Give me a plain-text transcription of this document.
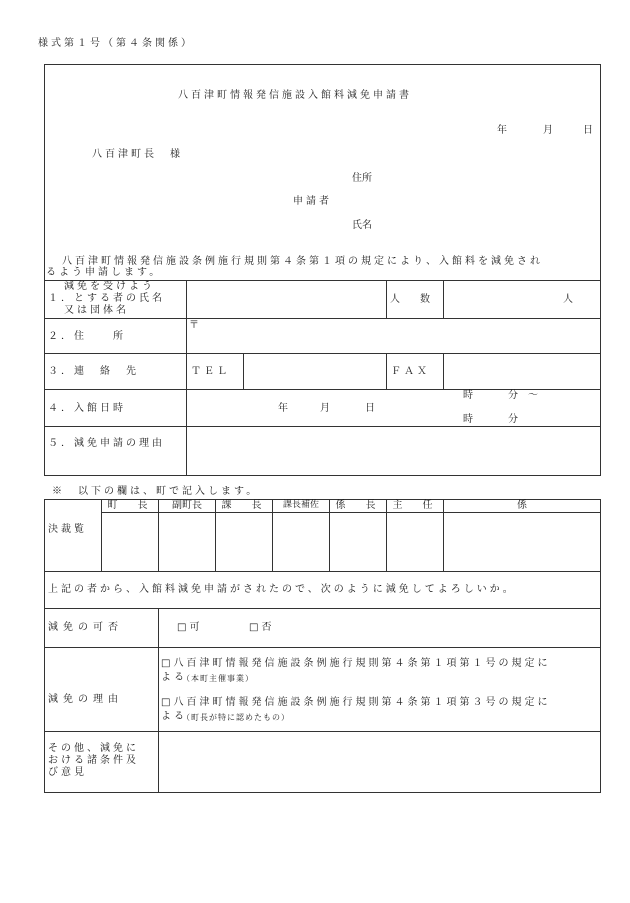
様式第１号（第４条関係）
八百津町情報発信施設入館料減免申請書
年	月	日
八百津町長　様
住所
申請者
氏名
八百津町情報発信施設条例施行規則第４条第１項の規定により、入館料を減免され
るよう申請します。
減免を受けよう
１．とする者の氏名
又は団体名
人　数	人
２．住　　所
〒
３．連　絡　先	ＴＥＬ	ＦＡＸ
４．入館日時	年	月	日
時	分　～
時	分
５．減免申請の理由
※　以下の欄は、町で記入します。
決裁覧
町　長	副町長	課　長	課長補佐	係　長	主　任	係
上記の者から、入館料減免申請がされたので、次のように減免してよろしいか。
減免の可否	□可	□否
減免の理由
□八百津町情報発信施設条例施行規則第４条第１項第１号の規定に
よる
（本町主催事業）
□八百津町情報発信施設条例施行規則第４条第１項第３号の規定に
よる
（町長が特に認めたもの）
その他、減免に
おける諸条件及
び意見
